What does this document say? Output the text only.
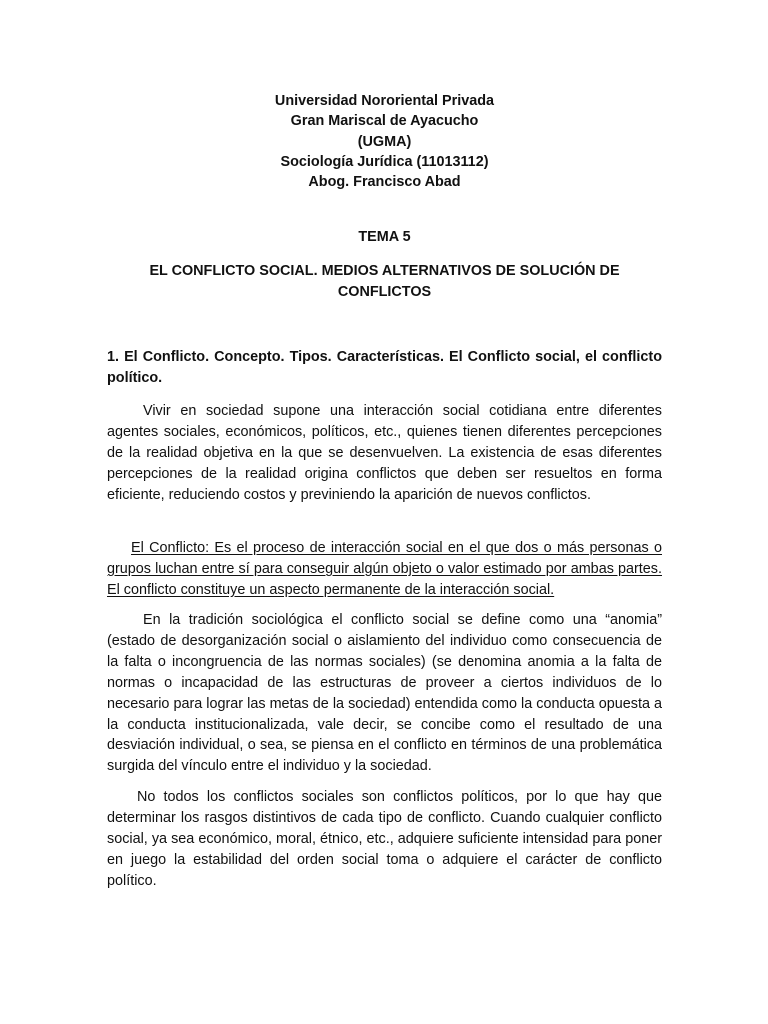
Universidad Nororiental Privada
Gran Mariscal de Ayacucho
(UGMA)
Sociología Jurídica (11013112)
Abog. Francisco Abad
TEMA 5
EL CONFLICTO SOCIAL. MEDIOS ALTERNATIVOS DE SOLUCIÓN DE CONFLICTOS
1. El Conflicto. Concepto. Tipos. Características. El Conflicto social, el conflicto político.

Vivir en sociedad supone una interacción social cotidiana entre diferentes agentes sociales, económicos, políticos, etc., quienes tienen diferentes percepciones de la realidad objetiva en la que se desenvuelven. La existencia de esas diferentes percepciones de la realidad origina conflictos que deben ser resueltos en forma eficiente, reduciendo costos y previniendo la aparición de nuevos conflictos.

El Conflicto: Es el proceso de interacción social en el que dos o más personas o grupos luchan entre sí para conseguir algún objeto o valor estimado por ambas partes. El conflicto constituye un aspecto permanente de la interacción social.

En la tradición sociológica el conflicto social se define como una “anomia” (estado de desorganización social o aislamiento del individuo como consecuencia de la falta o incongruencia de las normas sociales) (se denomina anomia a la falta de normas o incapacidad de las estructuras de proveer a ciertos individuos de lo necesario para lograr las metas de la sociedad) entendida como la conducta opuesta a la conducta institucionalizada, vale decir, se concibe como el resultado de una desviación individual, o sea, se piensa en el conflicto en términos de una problemática surgida del vínculo entre el individuo y la sociedad.

No todos los conflictos sociales son conflictos políticos, por lo que hay que determinar los rasgos distintivos de cada tipo de conflicto. Cuando cualquier conflicto social, ya sea económico, moral, étnico, etc., adquiere suficiente intensidad para poner en juego la estabilidad del orden social toma o adquiere el carácter de conflicto político.
